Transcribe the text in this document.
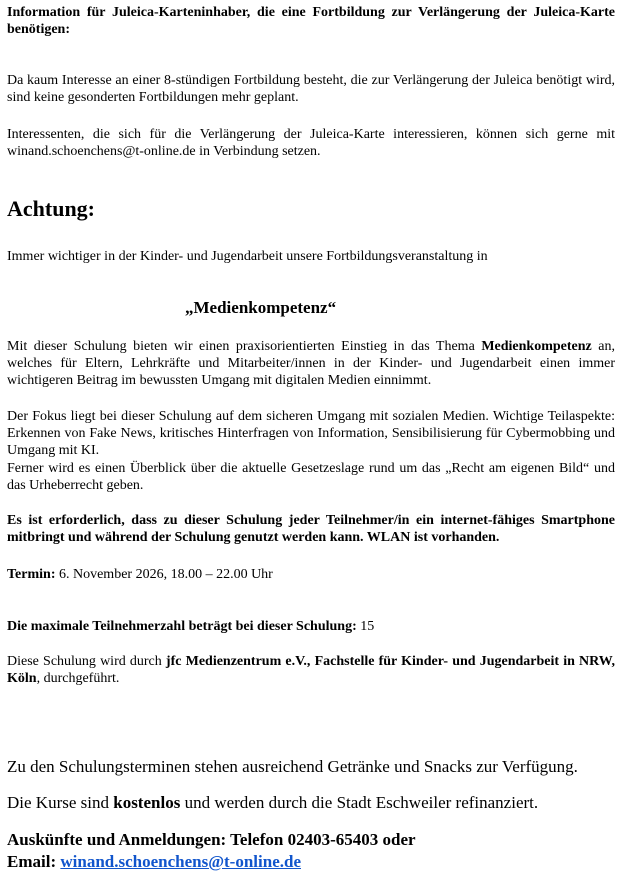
Information für Juleica-Karteninhaber, die eine Fortbildung zur Verlängerung der Juleica-Karte benötigen:

Da kaum Interesse an einer 8-stündigen Fortbildung besteht, die zur Verlängerung der Juleica benötigt wird, sind keine gesonderten Fortbildungen mehr geplant.

Interessenten, die sich für die Verlängerung der Juleica-Karte interessieren, können sich gerne mit winand.schoenchens@t-online.de in Verbindung setzen.

Achtung:

Immer wichtiger in der Kinder- und Jugendarbeit unsere Fortbildungsveranstaltung in

„Medienkompetenz“

Mit dieser Schulung bieten wir einen praxisorientierten Einstieg in das Thema Medienkompetenz an, welches für Eltern, Lehrkräfte und Mitarbeiter/innen in der Kinder- und Jugendarbeit einen immer wichtigeren Beitrag im bewussten Umgang mit digitalen Medien einnimmt.

Der Fokus liegt bei dieser Schulung auf dem sicheren Umgang mit sozialen Medien. Wichtige Teilaspekte: Erkennen von Fake News, kritisches Hinterfragen von Information, Sensibilisierung für Cybermobbing und Umgang mit KI.

Ferner wird es einen Überblick über die aktuelle Gesetzeslage rund um das „Recht am eigenen Bild“ und das Urheberrecht geben.

Es ist erforderlich, dass zu dieser Schulung jeder Teilnehmer/in ein internet-fähiges Smartphone mitbringt und während der Schulung genutzt werden kann. WLAN ist vorhanden.

Termin: 6. November 2026, 18.00 – 22.00 Uhr

Die maximale Teilnehmerzahl beträgt bei dieser Schulung: 15

Diese Schulung wird durch jfc Medienzentrum e.V., Fachstelle für Kinder- und Jugendarbeit in NRW, Köln, durchgeführt.

Zu den Schulungsterminen stehen ausreichend Getränke und Snacks zur Verfügung.
Die Kurse sind kostenlos und werden durch die Stadt Eschweiler refinanziert.
Auskünfte und Anmeldungen: Telefon 02403-65403 oder
Email: winand.schoenchens@t-online.de
